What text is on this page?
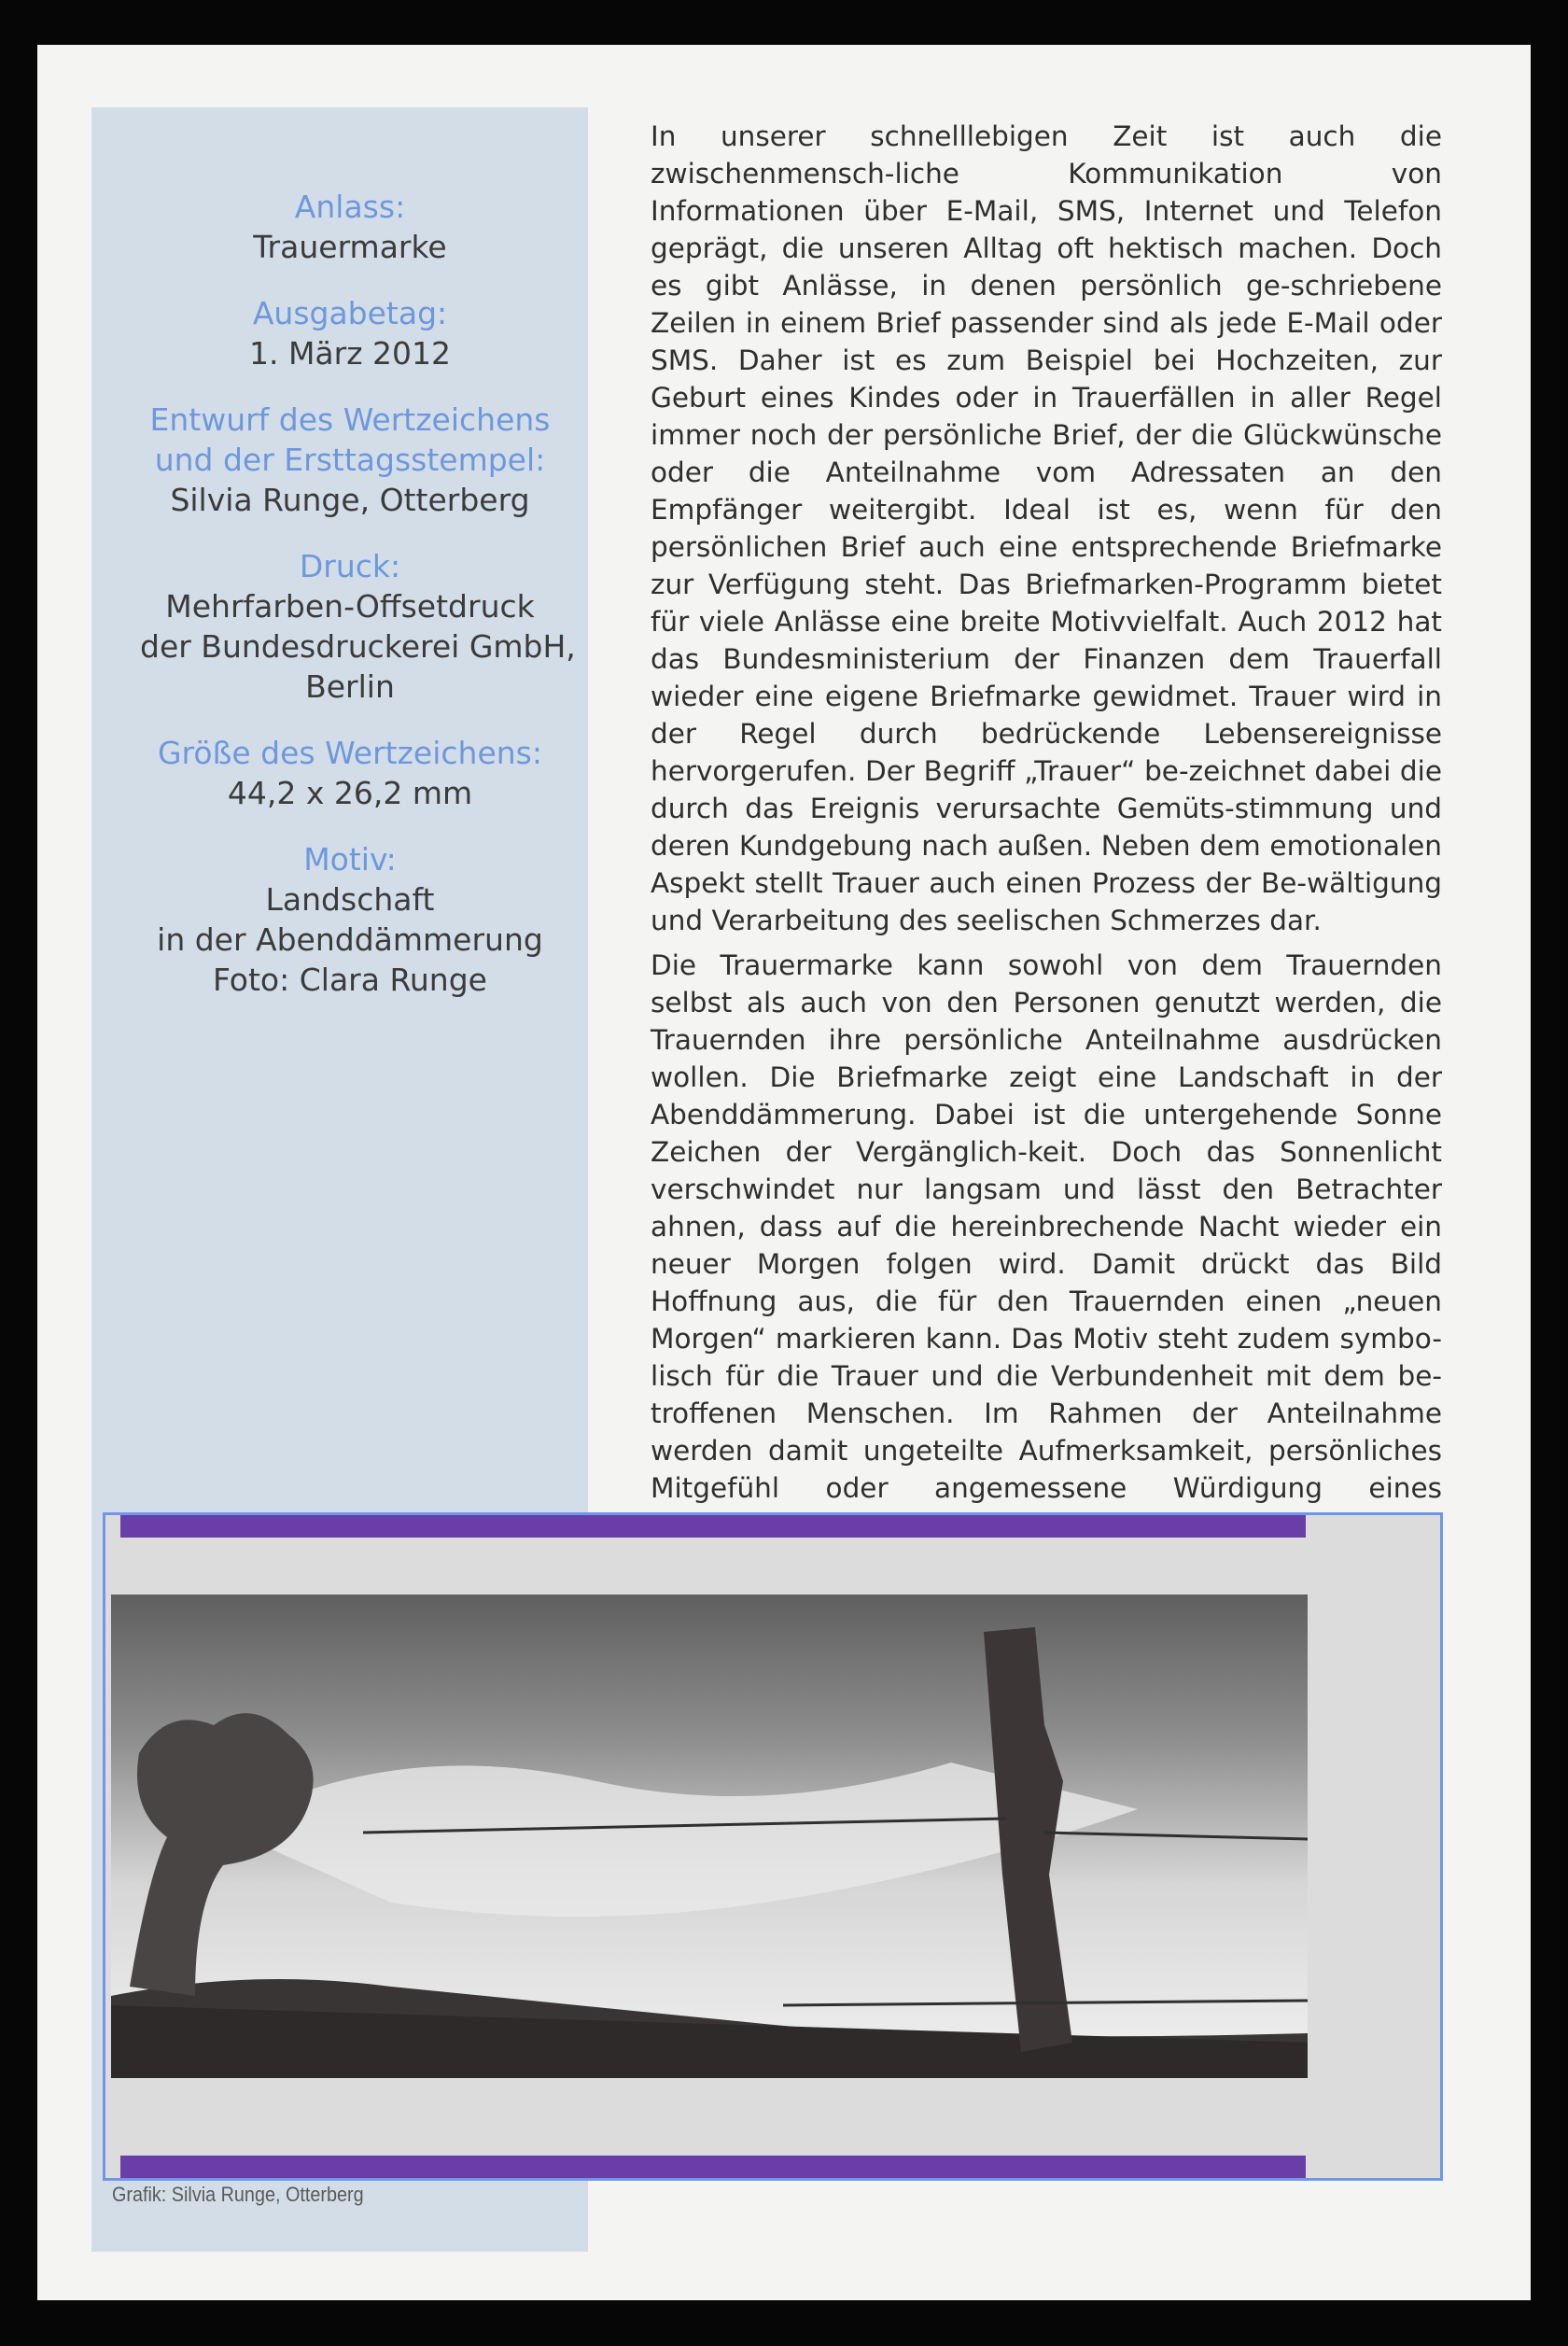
Anlass:
Trauermarke
Ausgabetag:
1. März 2012
Entwurf des Wertzeichens
und der Ersttagsstempel:
Silvia Runge, Otterberg
Druck:
Mehrfarben-Offsetdruck
der Bundesdruckerei GmbH,
Berlin
Größe des Wertzeichens:
44,2 x 26,2 mm
Motiv:
Landschaft
in der Abenddämmerung
Foto: Clara Runge

In unserer schnelllebigen Zeit ist auch die zwischenmensch-liche Kommunikation von Informationen über E-Mail, SMS, Internet und Telefon geprägt, die unseren Alltag oft hektisch machen. Doch es gibt Anlässe, in denen persönlich ge-schriebene Zeilen in einem Brief passender sind als jede E-Mail oder SMS. Daher ist es zum Beispiel bei Hochzeiten, zur Geburt eines Kindes oder in Trauerfällen in aller Regel immer noch der persönliche Brief, der die Glückwünsche oder die Anteilnahme vom Adressaten an den Empfänger weitergibt. Ideal ist es, wenn für den persönlichen Brief auch eine entsprechende Briefmarke zur Verfügung steht. Das Briefmarken-Programm bietet für viele Anlässe eine breite Motivvielfalt. Auch 2012 hat das Bundesministerium der Finanzen dem Trauerfall wieder eine eigene Briefmarke gewidmet. Trauer wird in der Regel durch bedrückende Lebensereignisse hervorgerufen. Der Begriff „Trauer“ be-zeichnet dabei die durch das Ereignis verursachte Gemüts-stimmung und deren Kundgebung nach außen. Neben dem emotionalen Aspekt stellt Trauer auch einen Prozess der Be-wältigung und Verarbeitung des seelischen Schmerzes dar.

Die Trauermarke kann sowohl von dem Trauernden selbst als auch von den Personen genutzt werden, die Trauernden ihre persönliche Anteilnahme ausdrücken wollen. Die Briefmarke zeigt eine Landschaft in der Abenddämmerung. Dabei ist die untergehende Sonne Zeichen der Vergänglich-keit. Doch das Sonnenlicht verschwindet nur langsam und lässt den Betrachter ahnen, dass auf die hereinbrechende Nacht wieder ein neuer Morgen folgen wird. Damit drückt das Bild Hoffnung aus, die für den Trauernden einen „neuen Morgen“ markieren kann. Das Motiv steht zudem symbo-lisch für die Trauer und die Verbundenheit mit dem be-troffenen Menschen. Im Rahmen der Anteilnahme werden damit ungeteilte Aufmerksamkeit, persönliches Mitgefühl oder angemessene Würdigung eines

Grafik: Silvia Runge, Otterberg
